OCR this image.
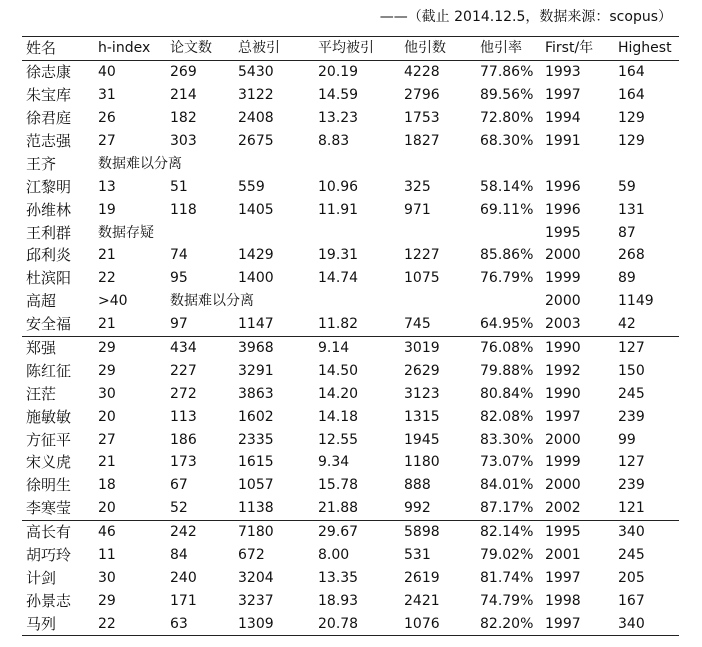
——（截止 2014.12.5，数据来源：scopus）
姓名	h-index	论文数	总被引	平均被引	他引数	他引率	First/年	Highest
徐志康	40	269	5430	20.19	4228	77.86%	1993	164
朱宝库	31	214	3122	14.59	2796	89.56%	1997	164
徐君庭	26	182	2408	13.23	1753	72.80%	1994	129
范志强	27	303	2675	8.83	1827	68.30%	1991	129
王齐	数据难以分离							
江黎明	13	51	559	10.96	325	58.14%	1996	59
孙维林	19	118	1405	11.91	971	69.11%	1996	131
王利群	数据存疑						1995	87
邱利炎	21	74	1429	19.31	1227	85.86%	2000	268
杜滨阳	22	95	1400	14.74	1075	76.79%	1999	89
高超	>40	数据难以分离					2000	1149
安全福	21	97	1147	11.82	745	64.95%	2003	42
郑强	29	434	3968	9.14	3019	76.08%	1990	127
陈红征	29	227	3291	14.50	2629	79.88%	1992	150
汪茫	30	272	3863	14.20	3123	80.84%	1990	245
施敏敏	20	113	1602	14.18	1315	82.08%	1997	239
方征平	27	186	2335	12.55	1945	83.30%	2000	99
宋义虎	21	173	1615	9.34	1180	73.07%	1999	127
徐明生	18	67	1057	15.78	888	84.01%	2000	239
李寒莹	20	52	1138	21.88	992	87.17%	2002	121
高长有	46	242	7180	29.67	5898	82.14%	1995	340
胡巧玲	11	84	672	8.00	531	79.02%	2001	245
计剑	30	240	3204	13.35	2619	81.74%	1997	205
孙景志	29	171	3237	18.93	2421	74.79%	1998	167
马列	22	63	1309	20.78	1076	82.20%	1997	340
